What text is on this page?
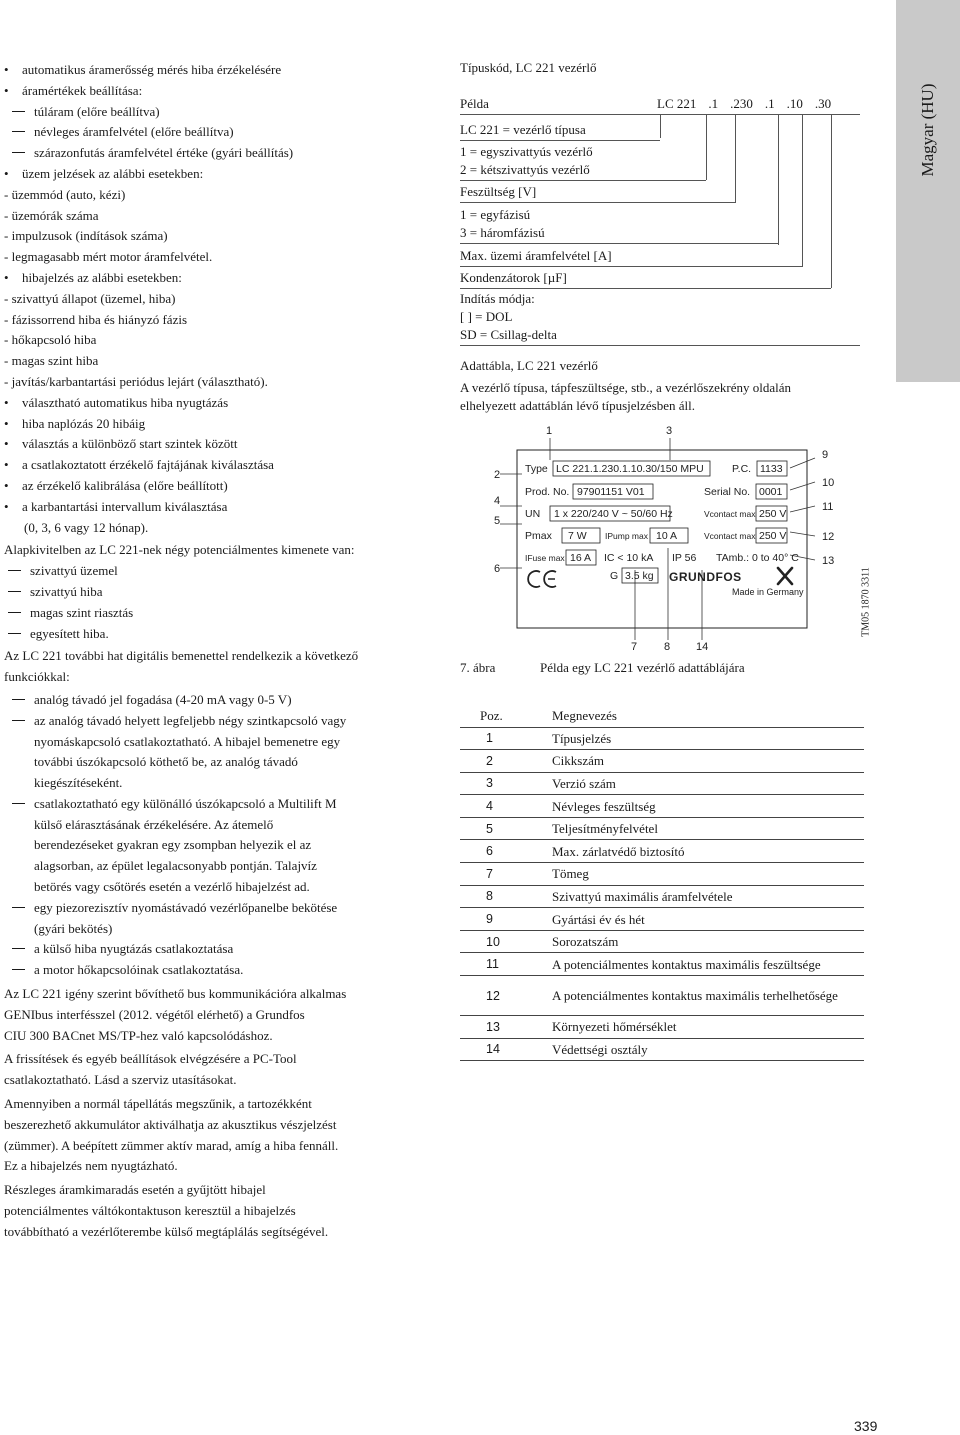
•	automatikus áramerősség mérés hiba érzékelésére
•	áramértékek beállítása:
túláram (előre beállítva)
névleges áramfelvétel (előre beállítva)
szárazonfutás áramfelvétel értéke (gyári beállítás)
•	üzem jelzések az alábbi esetekben:
- üzemmód (auto, kézi)
- üzemórák száma
- impulzusok (indítások száma)
- legmagasabb mért motor áramfelvétel.
•	hibajelzés az alábbi esetekben:
- szivattyú állapot (üzemel, hiba)
- fázissorrend hiba és hiányzó fázis
- hőkapcsoló hiba
- magas szint hiba
- javítás/karbantartási periódus lejárt (választható).
•	választható automatikus hiba nyugtázás
•	hiba naplózás 20 hibáig
•	választás a különböző start szintek között
•	a csatlakoztatott érzékelő fajtájának kiválasztása
•	az érzékelő kalibrálása (előre beállított)
•	a karbantartási intervallum kiválasztása
(0, 3, 6 vagy 12 hónap).
Alapkivitelben az LC 221-nek négy potenciálmentes kimenete van:
szivattyú üzemel
szivattyú hiba
magas szint riasztás
egyesített hiba.
Az LC 221 további hat digitális bemenettel rendelkezik a következő funkciókkal:
analóg távadó jel fogadása (4-20 mA vagy 0-5 V)
az analóg távadó helyett legfeljebb négy szintkapcsoló vagy
nyomáskapcsoló csatlakoztatható. A hibajel bemenetre egy
további úszókapcsoló köthető be, az analóg távadó
kiegészítéseként.
csatlakoztatható egy különálló úszókapcsoló a Multilift M
külső elárasztásának érzékelésére. Az átemelő
berendezéseket gyakran egy zsompban helyezik el az
alagsorban, az épület legalacsonyabb pontján. Talajvíz
betörés vagy csőtörés esetén a vezérlő hibajelzést ad.
egy piezorezisztív nyomástávadó vezérlőpanelbe bekötése
(gyári bekötés)
a külső hiba nyugtázás csatlakoztatása
a motor hőkapcsolóinak csatlakoztatása.
Az LC 221 igény szerint bővíthető bus kommunikációra alkalmas
GENIbus interfésszel (2012. végétől elérhető) a Grundfos
CIU 300 BACnet MS/TP-hez való kapcsolódáshoz.
A frissítések és egyéb beállítások elvégzésére a PC-Tool
csatlakoztatható. Lásd a szerviz utasításokat.
Amennyiben a normál tápellátás megszűnik, a tartozékként
beszerezhető akkumulátor aktiválhatja az akusztikus vészjelzést
(zümmer). A beépített zümmer aktív marad, amíg a hiba fennáll.
Ez a hibajelzés nem nyugtázható.
Részleges áramkimaradás esetén a gyűjtött hibajel
potenciálmentes váltókontaktuson keresztül a hibajelzés
továbbítható a vezérlőterembe külső megtáplálás segítségével.
Típuskód, LC 221 vezérlő
Példa	LC 221 .1 .230 .1 .10 .30
LC 221 = vezérlő típusa
1 = egyszivattyús vezérlő
2 = kétszivattyús vezérlő
Feszültség [V]
1 = egyfázisú
3 = háromfázisú
Max. üzemi áramfelvétel [A]
Kondenzátorok [µF]
Indítás módja:
[ ] = DOL
SD = Csillag-delta
Adattábla, LC 221 vezérlő
A vezérlő típusa, tápfeszültsége, stb., a vezérlőszekrény oldalán
elhelyezett adattáblán lévő típusjelzésben áll.
1	3
2
4
5
6
9
10
11
12
13
7 8 14
Type LC 221.1.230.1.10.30/150 MPU	P.C. 1133
Prod. No. 97901151 V01	Serial No. 0001
UN 1 x 220/240 V ~ 50/60 Hz	Vcontact max 250 V
Pmax 7 W IPump max 10 A	Vcontact max 250 V
IFuse max 16 A IC < 10 kA IP 56 TAmb.: 0 to 40° C
G 3.5 kg GRUNDFOS
Made in Germany	TM05 1870 3311
7. ábra	Példa egy LC 221 vezérlő adattáblájára
Poz.	Megnevezés
1	Típusjelzés
2	Cikkszám
3	Verzió szám
4	Névleges feszültség
5	Teljesítményfelvétel
6	Max. zárlatvédő biztosító
7	Tömeg
8	Szivattyú maximális áramfelvétele
9	Gyártási év és hét
10	Sorozatszám
11	A potenciálmentes kontaktus maximális feszültsége
12	A potenciálmentes kontaktus maximális terhelhetősége
13	Környezeti hőmérséklet
14	Védettségi osztály
Magyar (HU)
339
